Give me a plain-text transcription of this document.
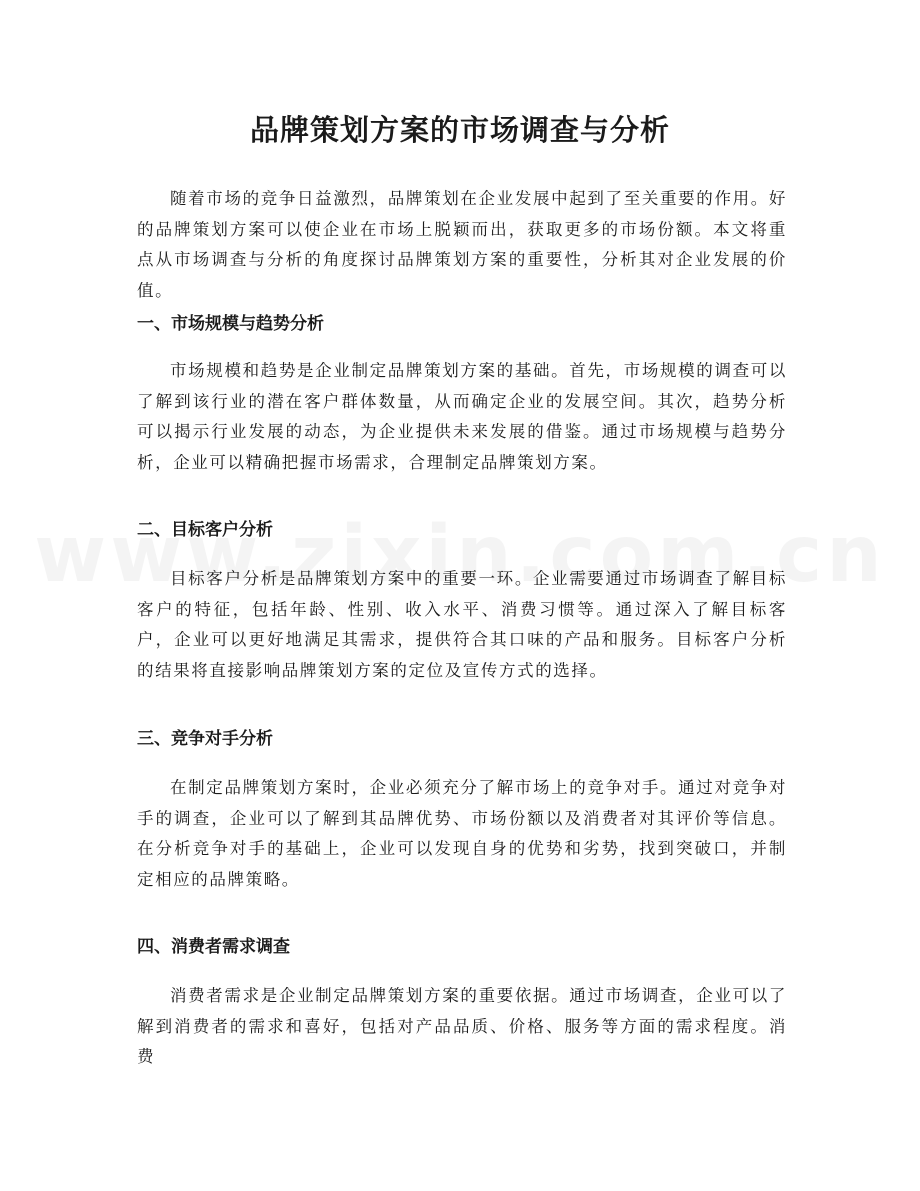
品牌策划方案的市场调查与分析

随着市场的竞争日益激烈，品牌策划在企业发展中起到了至关重要的作用。好的品牌策划方案可以使企业在市场上脱颖而出，获取更多的市场份额。本文将重点从市场调查与分析的角度探讨品牌策划方案的重要性，分析其对企业发展的价值。

一、市场规模与趋势分析

市场规模和趋势是企业制定品牌策划方案的基础。首先，市场规模的调查可以了解到该行业的潜在客户群体数量，从而确定企业的发展空间。其次，趋势分析可以揭示行业发展的动态，为企业提供未来发展的借鉴。通过市场规模与趋势分析，企业可以精确把握市场需求，合理制定品牌策划方案。

二、目标客户分析

目标客户分析是品牌策划方案中的重要一环。企业需要通过市场调查了解目标客户的特征，包括年龄、性别、收入水平、消费习惯等。通过深入了解目标客户，企业可以更好地满足其需求，提供符合其口味的产品和服务。目标客户分析的结果将直接影响品牌策划方案的定位及宣传方式的选择。

三、竞争对手分析

在制定品牌策划方案时，企业必须充分了解市场上的竞争对手。通过对竞争对手的调查，企业可以了解到其品牌优势、市场份额以及消费者对其评价等信息。在分析竞争对手的基础上，企业可以发现自身的优势和劣势，找到突破口，并制定相应的品牌策略。

四、消费者需求调查

消费者需求是企业制定品牌策划方案的重要依据。通过市场调查，企业可以了解到消费者的需求和喜好，包括对产品品质、价格、服务等方面的需求程度。消费
